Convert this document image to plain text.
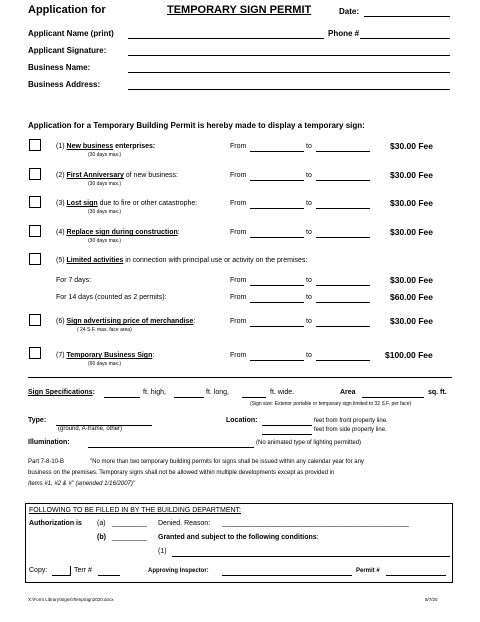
Application for	TEMPORARY SIGN PERMIT	Date:
Applicant Name (print)	Phone #
Applicant Signature:
Business Name:
Business Address:
Application for a Temporary Building Permit is hereby made to display a temporary sign:
(1) New business enterprises:
(30 days max.)
From	to	$30.00 Fee
(2) First Anniversary of new business:
(30 days max.)
From	to	$30.00 Fee
(3) Lost sign due to fire or other catastrophe:
(30 days max.)
From	to	$30.00 Fee
(4) Replace sign during construction:
(30 days max.)
From	to	$30.00 Fee
(5) Limited activities in connection with principal use or activity on the premises:
For 7 days:	From	to	$30.00 Fee
For 14 days (counted as 2 permits):	From	to	$60.00 Fee
(6) Sign advertising price of merchandise:
( 24 S.F. max. face area)
From	to	$30.00 Fee
(7) Temporary Business Sign:
(90 days max.)
From	to	$100.00 Fee
Sign Specifications:	ft. high,	ft. long,	ft. wide.	Area	sq. ft.
(Sign size: Exterior portable or temporary sign limited to 32 S.F. per face)
Type:
(ground, A-frame, other)
Location:	feet from front property line.
feet from side property line.
Illumination:	(No animated type of lighting permitted)
Part 7-8-10-B	"No more than two temporary building permits for signs shall be issued within any calendar year for any
business on the premises. Temporary signs shall not be allowed within multiple developments except as provided in
Items #1, #2 & #" (amended 1/16/2007)"
FOLLOWING TO BE FILLED IN BY THE BUILDING DEPARTMENT:
Authorization is (a) _________ Denied. Reason: ________________________________________________
(b) _________ Granted and subject to the following conditions:
(1)
Copy:	Terr #	Approving Inspector:	Permit #
X:\Form Library\Signs\TempSign2020.docx	8/7/20
